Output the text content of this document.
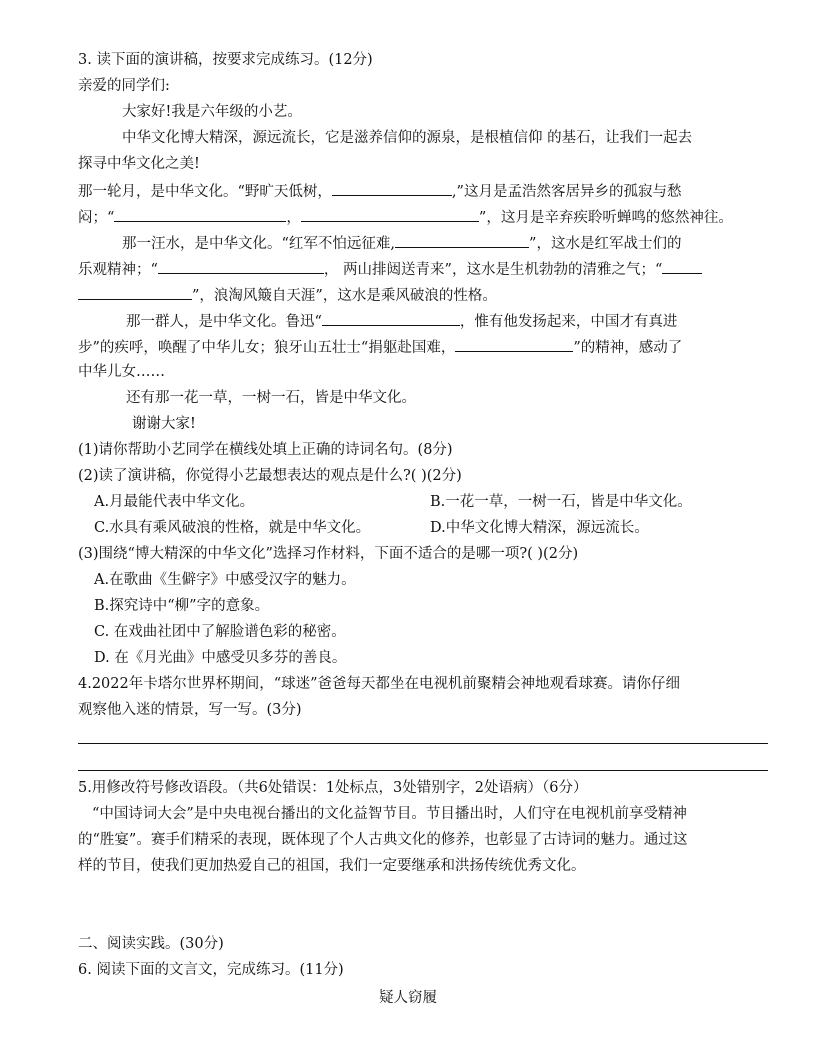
3. 读下面的演讲稿，按要求完成练习。(12分)
亲爱的同学们:
大家好!我是六年级的小艺。
中华文化博大精深，源远流长，它是滋养信仰的源泉，是根植信仰 的基石，让我们一起去
探寻中华文化之美!
那一轮月，是中华文化。“野旷天低树，	,”这月是孟浩然客居异乡的孤寂与愁
闷；“	，	”，这月是辛弃疾聆听蝉鸣的悠然神往。
那一汪水，是中华文化。“红军不怕远征难,	”，这水是红军战士们的
乐观精神；“	， 两山排闼送青来”，这水是生机勃勃的清雅之气；“
”，浪淘风簸自天涯”，这水是乘风破浪的性格。
那一群人，是中华文化。鲁迅“	，惟有他发扬起来，中国才有真进
步”的疾呼，唤醒了中华儿女；狼牙山五壮士“捐躯赴国难，	”的精神，感动了
中华儿女……
还有那一花一草，一树一石，皆是中华文化。
谢谢大家!
(1)请你帮助小艺同学在横线处填上正确的诗词名句。(8分)
(2)读了演讲稿，你觉得小艺最想表达的观点是什么?( )(2分)
A.月最能代表中华文化。	B.一花一草，一树一石，皆是中华文化。
C.水具有乘风破浪的性格，就是中华文化。	D.中华文化博大精深，源远流长。
(3)围绕“博大精深的中华文化”选择习作材料，下面不适合的是哪一项?( )(2分)
A.在歌曲《生僻字》中感受汉字的魅力。
B.探究诗中“柳”字的意象。
C. 在戏曲社团中了解脸谱色彩的秘密。
D. 在《月光曲》中感受贝多芬的善良。
4.2022年卡塔尔世界杯期间，“球迷”爸爸每天都坐在电视机前聚精会神地观看球赛。请你仔细
观察他入迷的情景，写一写。(3分)
5.用修改符号修改语段。（共6处错误：1处标点，3处错别字，2处语病）（6分）
“中国诗词大会”是中央电视台播出的文化益智节目。节目播出时，人们守在电视机前享受精神
的“胜宴”。赛手们精采的表现，既体现了个人古典文化的修养，也彰显了古诗词的魅力。通过这
样的节目，使我们更加热爱自己的祖国，我们一定要继承和洪扬传统优秀文化。
二、阅读实践。(30分)
6. 阅读下面的文言文，完成练习。(11分)
疑人窃履
